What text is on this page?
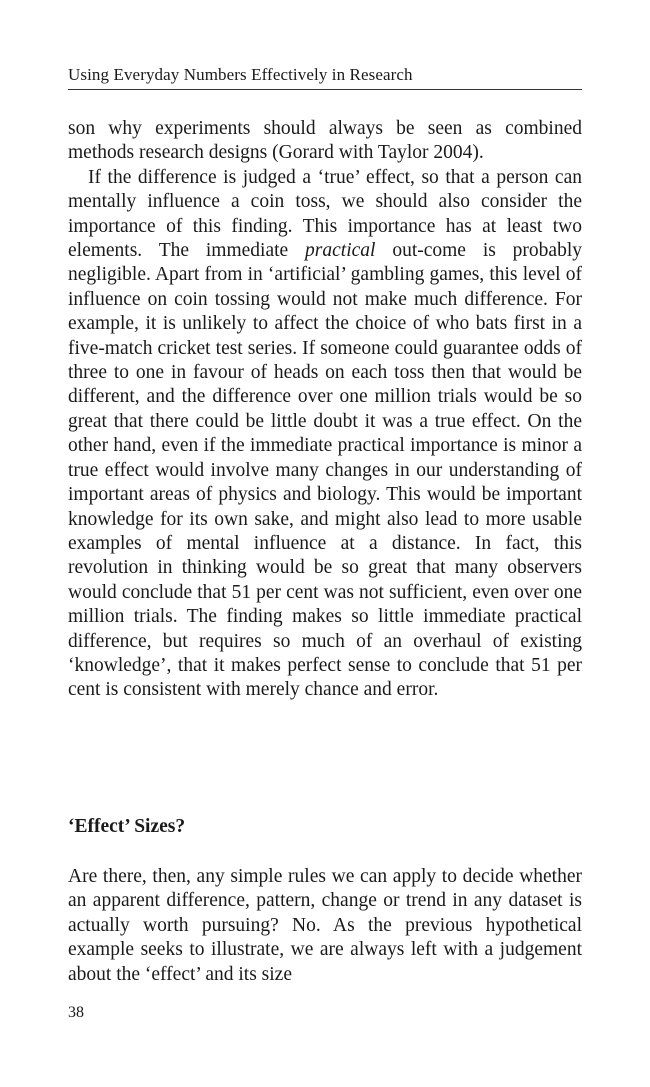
Using Everyday Numbers Effectively in Research

son why experiments should always be seen as combined methods research designs (Gorard with Taylor 2004).

If the difference is judged a ‘true’ effect, so that a person can mentally influence a coin toss, we should also consider the importance of this finding. This importance has at least two elements. The immediate practical out-come is probably negligible. Apart from in ‘artificial’ gambling games, this level of influence on coin tossing would not make much difference. For example, it is unlikely to affect the choice of who bats first in a five-match cricket test series. If someone could guarantee odds of three to one in favour of heads on each toss then that would be different, and the difference over one million trials would be so great that there could be little doubt it was a true effect. On the other hand, even if the immediate practical importance is minor a true effect would involve many changes in our understanding of important areas of physics and biology. This would be important knowledge for its own sake, and might also lead to more usable examples of mental influence at a distance. In fact, this revolution in thinking would be so great that many observers would conclude that 51 per cent was not sufficient, even over one million trials. The finding makes so little immediate practical difference, but requires so much of an overhaul of existing ‘knowledge’, that it makes perfect sense to conclude that 51 per cent is consistent with merely chance and error.

‘Effect’ Sizes?

Are there, then, any simple rules we can apply to decide whether an apparent difference, pattern, change or trend in any dataset is actually worth pursuing? No. As the previous hypothetical example seeks to illustrate, we are always left with a judgement about the ‘effect’ and its size

38
